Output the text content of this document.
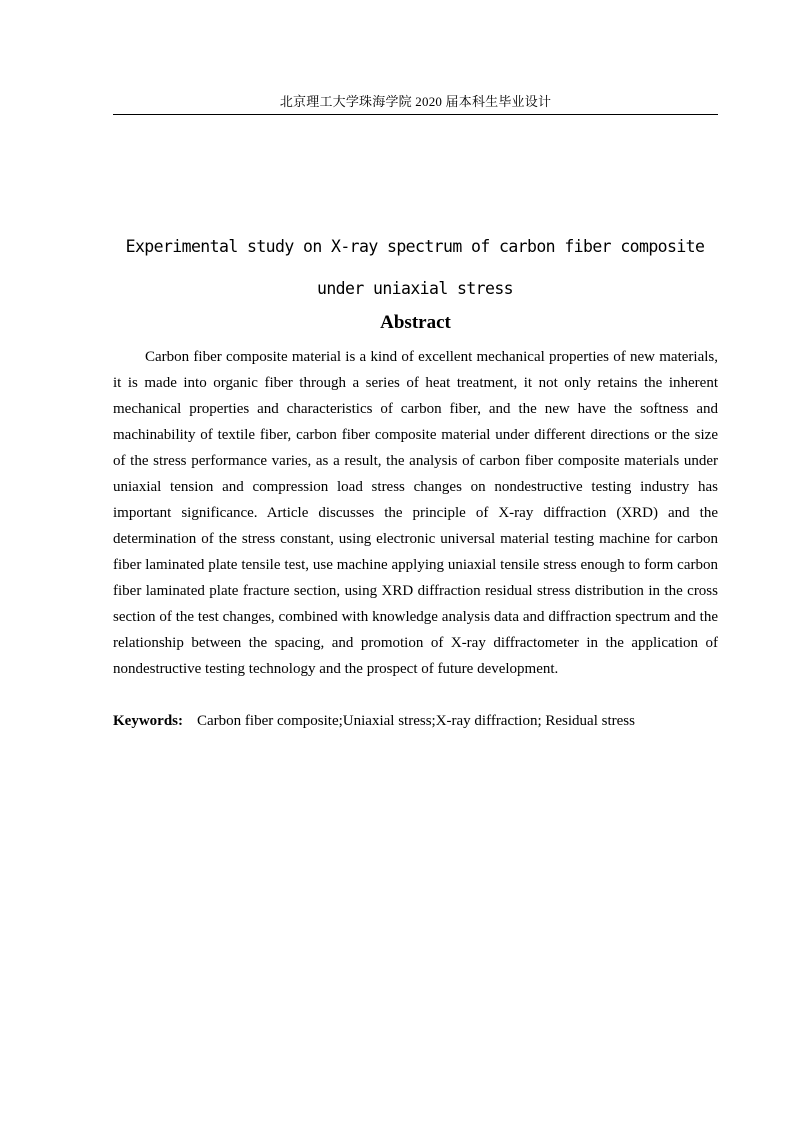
北京理工大学珠海学院 2020 届本科生毕业设计
Experimental study on X-ray spectrum of carbon fiber composite
under uniaxial stress
Abstract

Carbon fiber composite material is a kind of excellent mechanical properties of new materials, it is made into organic fiber through a series of heat treatment, it not only retains the inherent mechanical properties and characteristics of carbon fiber, and the new have the softness and machinability of textile fiber, carbon fiber composite material under different directions or the size of the stress performance varies, as a result, the analysis of carbon fiber composite materials under uniaxial tension and compression load stress changes on nondestructive testing industry has important significance. Article discusses the principle of X-ray diffraction (XRD) and the determination of the stress constant, using electronic universal material testing machine for carbon fiber laminated plate tensile test, use machine applying uniaxial tensile stress enough to form carbon fiber laminated plate fracture section, using XRD diffraction residual stress distribution in the cross section of the test changes, combined with knowledge analysis data and diffraction spectrum and the relationship between the spacing, and promotion of X-ray diffractometer in the application of nondestructive testing technology and the prospect of future development.

Keywords: Carbon fiber composite;Uniaxial stress;X-ray diffraction; Residual stress
